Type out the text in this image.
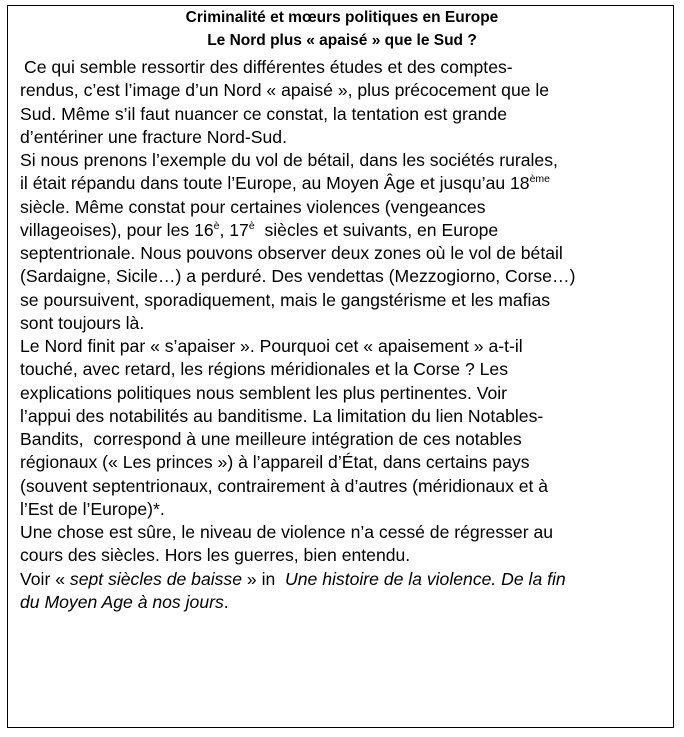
Criminalité et mœurs politiques en Europe
Le Nord plus « apaisé » que le Sud ?
Ce qui semble ressortir des différentes études et des comptes-
rendus, c’est l’image d’un Nord « apaisé », plus précocement que le
Sud. Même s’il faut nuancer ce constat, la tentation est grande
d’entériner une fracture Nord-Sud.
Si nous prenons l’exemple du vol de bétail, dans les sociétés rurales,
il était répandu dans toute l’Europe, au Moyen Âge et jusqu’au 18ème
siècle. Même constat pour certaines violences (vengeances
villageoises), pour les $16^è$, $17^è$  siècles et suivants, en Europe
septentrionale. Nous pouvons observer deux zones où le vol de bétail
(Sardaigne, Sicile…) a perduré. Des vendettas (Mezzogiorno, Corse…)
se poursuivent, sporadiquement, mais le gangstérisme et les mafias
sont toujours là.
Le Nord finit par « s’apaiser ». Pourquoi cet « apaisement » a-t-il
touché, avec retard, les régions méridionales et la Corse ? Les
explications politiques nous semblent les plus pertinentes. Voir
l’appui des notabilités au banditisme. La limitation du lien Notables-
Bandits,  correspond à une meilleure intégration de ces notables
régionaux (« Les princes ») à l’appareil d’État, dans certains pays
(souvent septentrionaux, contrairement à d’autres (méridionaux et à
l’Est de l’Europe)*.
Une chose est sûre, le niveau de violence n’a cessé de régresser au
cours des siècles. Hors les guerres, bien entendu.
Voir « sept siècles de baisse » in  Une histoire de la violence. De la fin
du Moyen Age à nos jours.
